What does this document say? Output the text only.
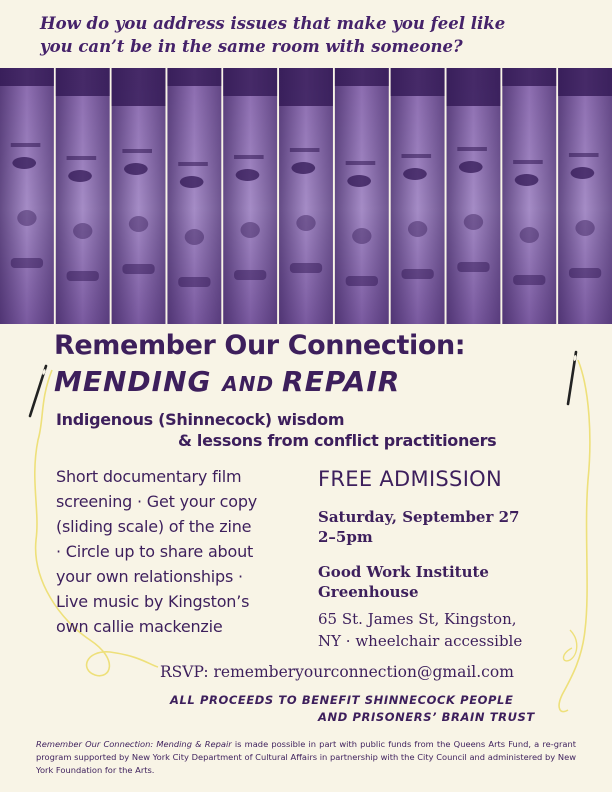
How do you address issues that make you feel like
you can’t be in the same room with someone?
Remember Our Connection:
MENDING AND REPAIR
Indigenous (Shinnecock) wisdom
& lessons from conflict practitioners
Short documentary film
screening · Get your copy
(sliding scale) of the zine
· Circle up to share about
your own relationships ·
Live music by Kingston’s
own callie mackenzie
FREE ADMISSION
Saturday, September 27
2–5pm
Good Work Institute
Greenhouse
65 St. James St, Kingston,
NY · wheelchair accessible
RSVP: rememberyourconnection@gmail.com
ALL PROCEEDS TO BENEFIT SHINNECOCK PEOPLE
AND PRISONERS’ BRAIN TRUST
Remember Our Connection: Mending & Repair is made possible in part with public funds from the Queens Arts Fund, a re-grant program supported by New York City Department of Cultural Affairs in partnership with the City Council and administered by New York Foundation for the Arts.
